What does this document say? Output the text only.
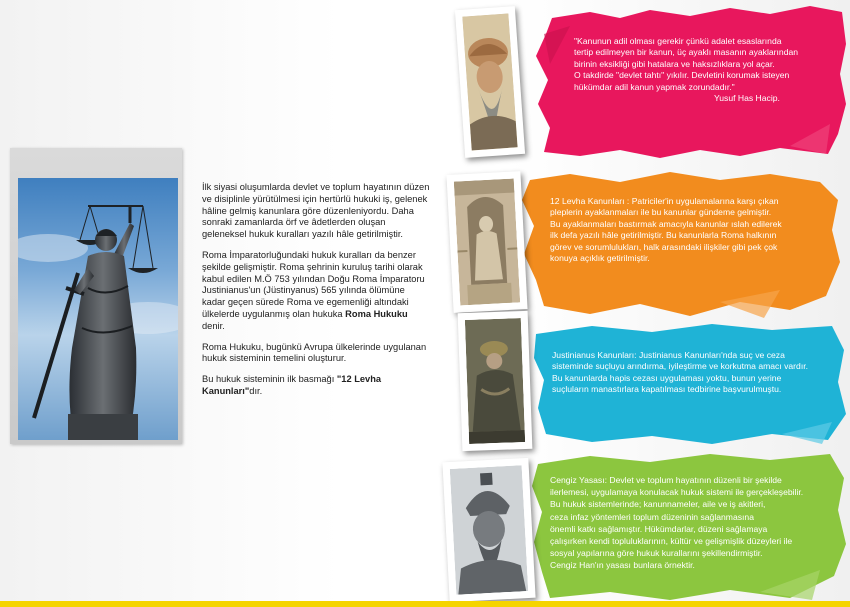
İlk siyasi oluşumlarda devlet ve toplum hayatının düzen ve disiplinle yürütülmesi için hertürlü hukuki iş, gelenek hâline gelmiş kanunlara göre düzenleniyordu. Daha sonraki zamanlarda örf ve âdetlerden oluşan geleneksel hukuk kuralları yazılı hâle getirilmiştir.

Roma İmparatorluğundaki hukuk kuralları da benzer şekilde gelişmiştir. Roma şehrinin kuruluş tarihi olarak kabul edilen M.Ö 753 yılından Doğu Roma İmparatoru Justinianus'un (Jüstinyanus) 565 yılında ölümüne kadar geçen sürede Roma ve egemenliği altındaki ülkelerde uygulanmış olan hukuka Roma Hukuku denir.

Roma Hukuku, bugünkü Avrupa ülkelerinde uygulanan hukuk sisteminin temelini oluşturur.

Bu hukuk sisteminin ilk basmağı "12 Levha Kanunları"dır.

"Kanunun adil olması gerekir çünkü adalet esaslarında
tertip edilmeyen bir kanun, üç ayaklı masanın ayaklarından
birinin eksikliği gibi hatalara ve haksızlıklara yol açar.
O takdirde "devlet tahtı" yıkılır. Devletini korumak isteyen
hükümdar adil kanun yapmak zorundadır."
Yusuf Has Hacip.
12 Levha Kanunları : Patriciler'in uygulamalarına karşı çıkan
pleplerin ayaklanmaları ile bu kanunlar gündeme gelmiştir.
Bu ayaklanmaları bastırmak amacıyla kanunlar ıslah edilerek
ilk defa yazılı hâle getirilmiştir. Bu kanunlarla Roma halkının
görev ve sorumlulukları, halk arasındaki ilişkiler gibi pek çok
konuya açıklık getirilmiştir.
Justinianus Kanunları: Justinianus Kanunları'nda suç ve ceza
sisteminde suçluyu arındırma, iyileştirme ve korkutma amacı vardır.
Bu kanunlarda hapis cezası uygulaması yoktu, bunun yerine
suçluların manastırlara kapatılması tedbirine başvurulmuştu.
Cengiz Yasası: Devlet ve toplum hayatının düzenli bir şekilde
ilerlemesi, uygulamaya konulacak hukuk sistemi ile gerçekleşebilir.
Bu hukuk sistemlerinde; kanunnameler, aile ve iş akitleri,
ceza infaz yöntemleri toplum düzeninin sağlanmasına
önemli katkı sağlamıştır. Hükümdarlar, düzeni sağlamaya
çalışırken kendi topluluklarının, kültür ve gelişmişlik düzeyleri ile
sosyal yapılarına göre hukuk kurallarını şekillendirmiştir.
Cengiz Han'ın yasası bunlara örnektir.
